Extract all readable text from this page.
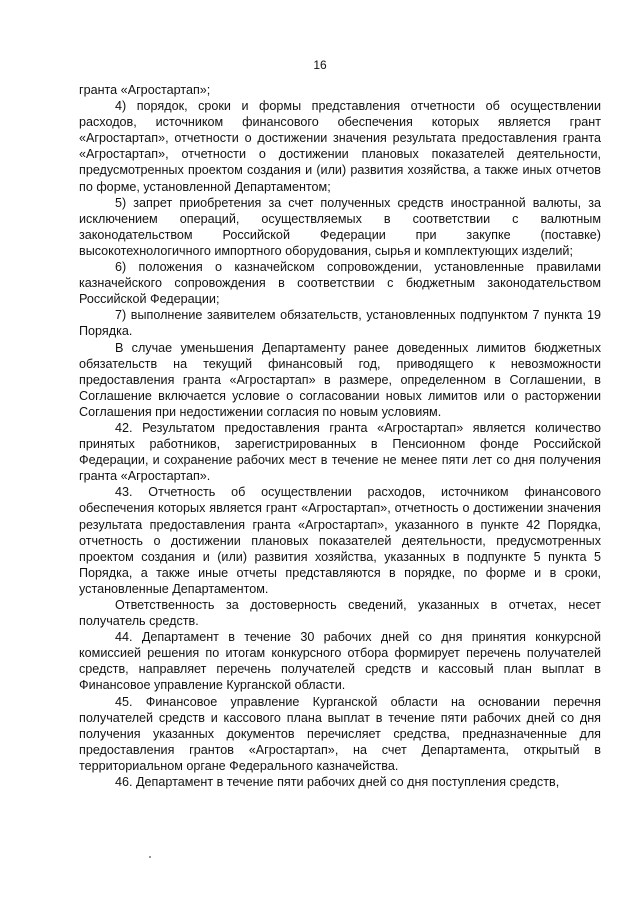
16

гранта «Агростартап»;

4) порядок, сроки и формы представления отчетности об осуществлении расходов, источником финансового обеспечения которых является грант «Агростартап», отчетности о достижении значения результата предоставления гранта «Агростартап», отчетности о достижении плановых показателей деятельности, предусмотренных проектом создания и (или) развития хозяйства, а также иных отчетов по форме, установленной Департаментом;

5) запрет приобретения за счет полученных средств иностранной валюты, за исключением операций, осуществляемых в соответствии с валютным законодательством Российской Федерации при закупке (поставке) высокотехнологичного импортного оборудования, сырья и комплектующих изделий;

6) положения о казначейском сопровождении, установленные правилами казначейского сопровождения в соответствии с бюджетным законодательством Российской Федерации;

7) выполнение заявителем обязательств, установленных подпунктом 7 пункта 19 Порядка.

В случае уменьшения Департаменту ранее доведенных лимитов бюджетных обязательств на текущий финансовый год, приводящего к невозможности предоставления гранта «Агростартап» в размере, определенном в Соглашении, в Соглашение включается условие о согласовании новых лимитов или о расторжении Соглашения при недостижении согласия по новым условиям.

42. Результатом предоставления гранта «Агростартап» является количество принятых работников, зарегистрированных в Пенсионном фонде Российской Федерации, и сохранение рабочих мест в течение не менее пяти лет со дня получения гранта «Агростартап».

43. Отчетность об осуществлении расходов, источником финансового обеспечения которых является грант «Агростартап», отчетность о достижении значения результата предоставления гранта «Агростартап», указанного в пункте 42 Порядка, отчетность о достижении плановых показателей деятельности, предусмотренных проектом создания и (или) развития хозяйства, указанных в подпункте 5 пункта 5 Порядка, а также иные отчеты представляются в порядке, по форме и в сроки, установленные Департаментом.

Ответственность за достоверность сведений, указанных в отчетах, несет получатель средств.

44. Департамент в течение 30 рабочих дней со дня принятия конкурсной комиссией решения по итогам конкурсного отбора формирует перечень получателей средств, направляет перечень получателей средств и кассовый план выплат в Финансовое управление Курганской области.

45. Финансовое управление Курганской области на основании перечня получателей средств и кассового плана выплат в течение пяти рабочих дней со дня получения указанных документов перечисляет средства, предназначенные для предоставления грантов «Агростартап», на счет Департамента, открытый в территориальном органе Федерального казначейства.

46. Департамент в течение пяти рабочих дней со дня поступления средств,
